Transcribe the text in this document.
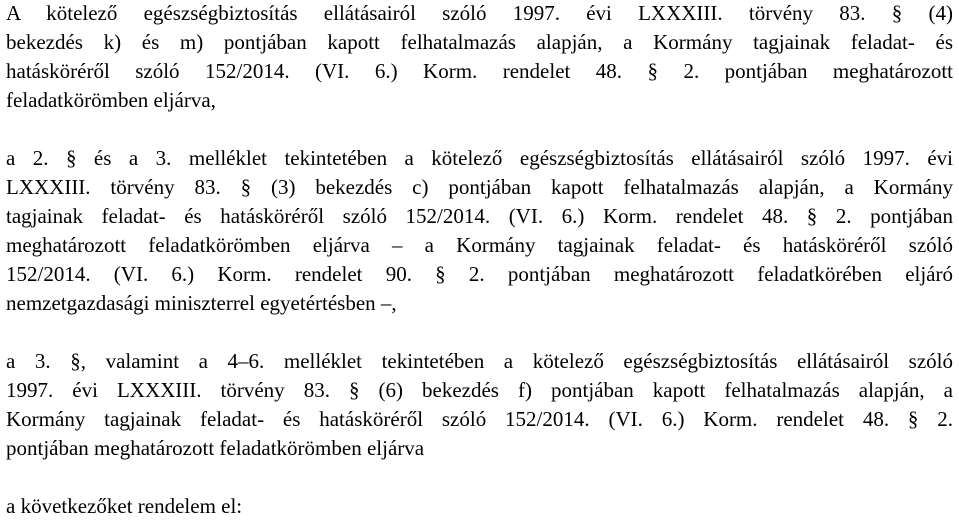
A kötelező egészségbiztosítás ellátásairól szóló 1997. évi LXXXIII. törvény 83. § (4)

bekezdés k) és m) pontjában kapott felhatalmazás alapján, a Kormány tagjainak feladat- és

hatásköréről szóló 152/2014. (VI. 6.) Korm. rendelet 48. § 2. pontjában meghatározott

feladatkörömben eljárva,

a 2. § és a 3. melléklet tekintetében a kötelező egészségbiztosítás ellátásairól szóló 1997. évi

LXXXIII. törvény 83. § (3) bekezdés c) pontjában kapott felhatalmazás alapján, a Kormány

tagjainak feladat- és hatásköréről szóló 152/2014. (VI. 6.) Korm. rendelet 48. § 2. pontjában

meghatározott feladatkörömben eljárva – a Kormány tagjainak feladat- és hatásköréről szóló

152/2014. (VI. 6.) Korm. rendelet 90. § 2. pontjában meghatározott feladatkörében eljáró

nemzetgazdasági miniszterrel egyetértésben –,

a 3. §, valamint a 4–6. melléklet tekintetében a kötelező egészségbiztosítás ellátásairól szóló

1997. évi LXXXIII. törvény 83. § (6) bekezdés f) pontjában kapott felhatalmazás alapján, a

Kormány tagjainak feladat- és hatásköréről szóló 152/2014. (VI. 6.) Korm. rendelet 48. § 2.

pontjában meghatározott feladatkörömben eljárva

a következőket rendelem el:
